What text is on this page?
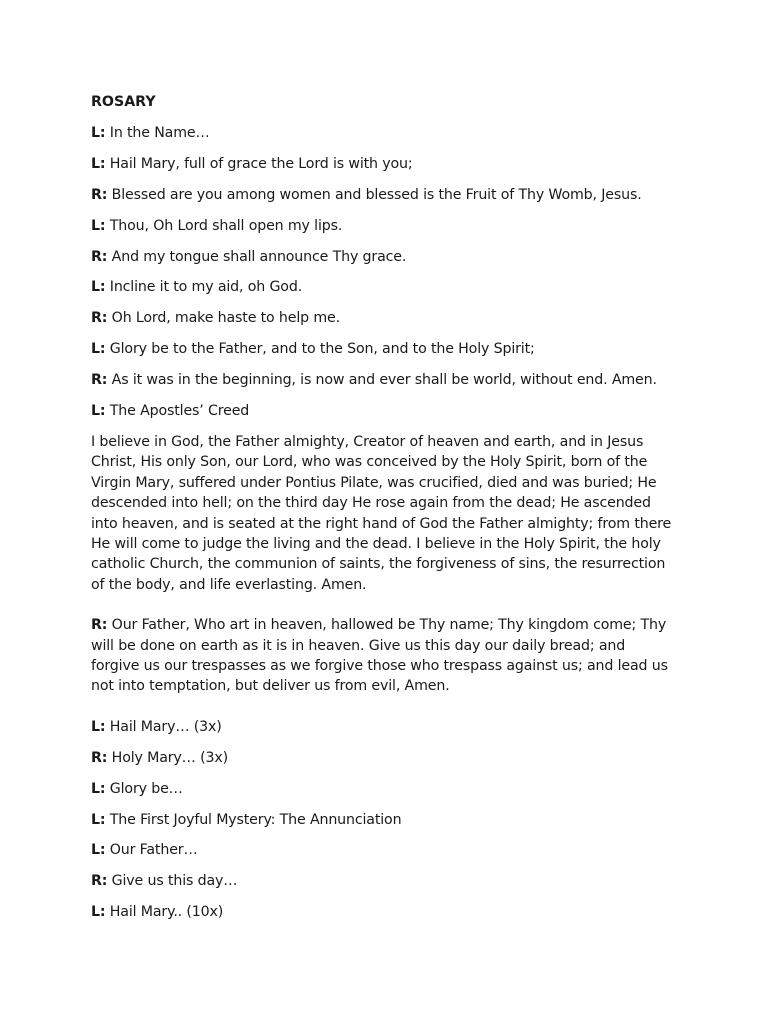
ROSARY
L: In the Name…
L: Hail Mary, full of grace the Lord is with you;
R: Blessed are you among women and blessed is the Fruit of Thy Womb, Jesus.
L: Thou, Oh Lord shall open my lips.
R: And my tongue shall announce Thy grace.
L: Incline it to my aid, oh God.
R: Oh Lord, make haste to help me.
L: Glory be to the Father, and to the Son, and to the Holy Spirit;
R: As it was in the beginning, is now and ever shall be world, without end. Amen.
L: The Apostles’ Creed
I believe in God, the Father almighty, Creator of heaven and earth, and in Jesus Christ, His only Son, our Lord, who was conceived by the Holy Spirit, born of the Virgin Mary, suffered under Pontius Pilate, was crucified, died and was buried; He descended into hell; on the third day He rose again from the dead; He ascended into heaven, and is seated at the right hand of God the Father almighty; from there He will come to judge the living and the dead. I believe in the Holy Spirit, the holy catholic Church, the communion of saints, the forgiveness of sins, the resurrection of the body, and life everlasting. Amen.
R: Our Father, Who art in heaven, hallowed be Thy name; Thy kingdom come; Thy will be done on earth as it is in heaven. Give us this day our daily bread; and forgive us our trespasses as we forgive those who trespass against us; and lead us not into temptation, but deliver us from evil, Amen.
L: Hail Mary… (3x)
R: Holy Mary… (3x)
L: Glory be…
L: The First Joyful Mystery: The Annunciation
L: Our Father…
R: Give us this day…
L: Hail Mary.. (10x)
